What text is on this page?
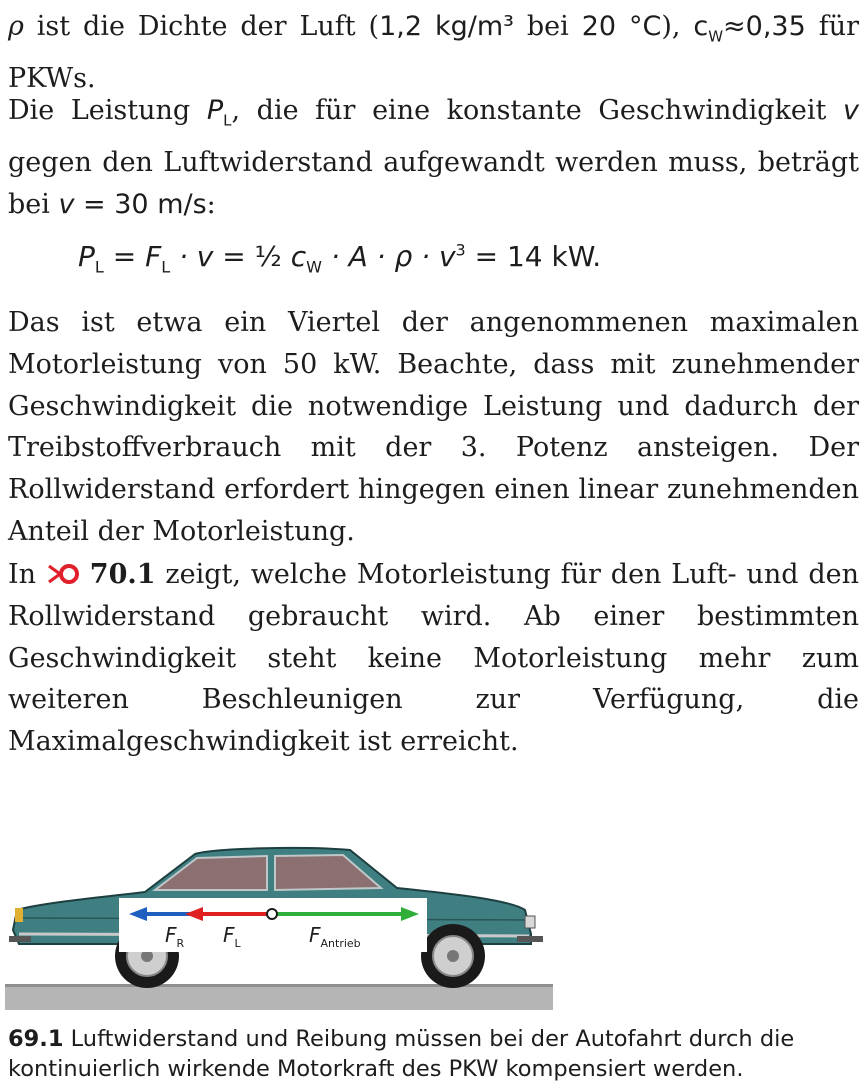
ρ ist die Dichte der Luft (1,2 kg/m³ bei 20 °C), $c_W\approx 0,35$ für PKWs.

Die Leistung $P_L$, die für eine konstante Geschwindigkeit v gegen den Luftwiderstand aufgewandt werden muss, beträgt bei v = 30 m/s:

$P_L = F_L \cdot v$ = ½ $c_W \cdot A \cdot \rho \cdot v^3 = 14$ kW.

Das ist etwa ein Viertel der angenommenen maximalen Motorleistung von 50 kW. Beachte, dass mit zunehmender Geschwindigkeit die notwendige Leistung und dadurch der Treibstoffverbrauch mit der 3. Potenz ansteigen. Der Rollwiderstand erfordert hingegen einen linear zunehmenden Anteil der Motorleistung.

In 70.1 zeigt, welche Motorleistung für den Luft- und den Rollwiderstand gebraucht wird. Ab einer bestimmten Geschwindigkeit steht keine Motorleistung mehr zum weiteren Beschleunigen zur Verfügung, die Maximalgeschwindigkeit ist erreicht.

$F_R$ $F_L$	$F_{Antrieb}$

69.1 Luftwiderstand und Reibung müssen bei der Autofahrt durch die kontinuierlich wirkende Motorkraft des PKW kompensiert werden.
